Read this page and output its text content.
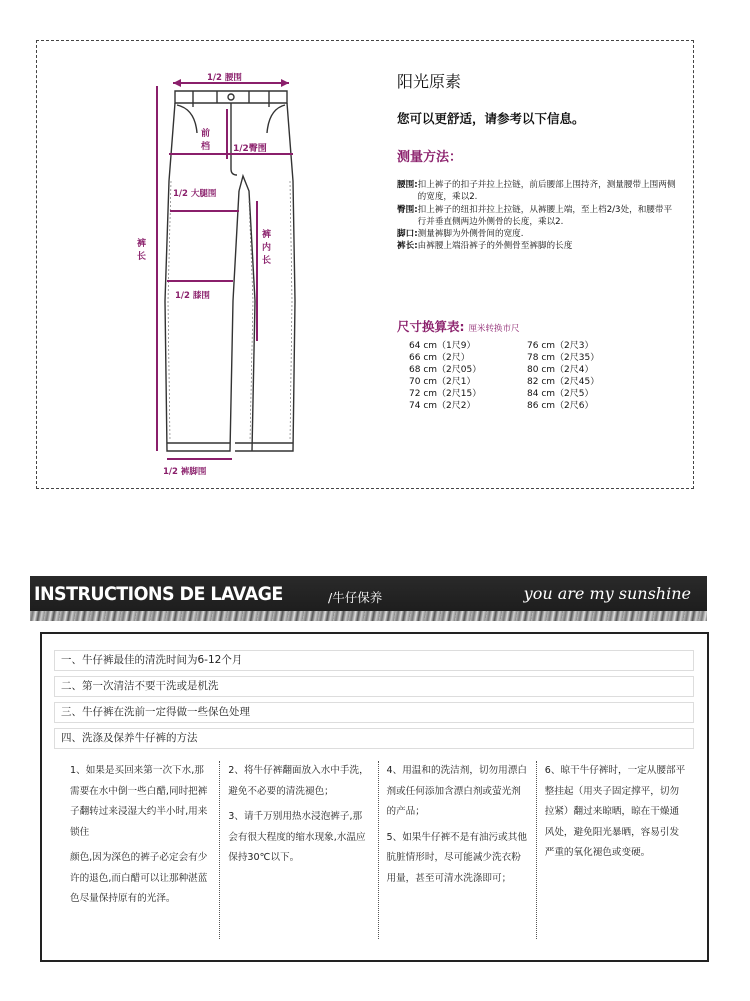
1/2 腰围
前档	1/2臀围
1/2 大腿围
裤内长
裤长
1/2 膝围
1/2 裤脚围
阳光原素
您可以更舒适，请参考以下信息。
测量方法：
腰围: 扣上裤子的扣子并拉上拉链，前后腰部上围持齐，测量腰带上围两侧的宽度，乘以2.
臀围: 扣上裤子的纽扣并拉上拉链，从裤腰上端，至上档2/3处，和腰带平行并垂直侧两边外侧骨的长度，乘以2.
脚口: 测量裤脚为外侧骨间的宽度.
裤长: 由裤腰上端沿裤子的外侧骨至裤脚的长度
尺寸换算表: 厘米转换市尺
64 cm（1尺9）	76 cm（2尺3）
66 cm（2尺）	78 cm（2尺35）
68 cm（2尺05）	80 cm（2尺4）
70 cm（2尺1）	82 cm（2尺45）
72 cm（2尺15）	84 cm（2尺5）
74 cm（2尺2）	86 cm（2尺6）
INSTRUCTIONS DE LAVAGE	/牛仔保养	you are my sunshine
一、牛仔裤最佳的清洗时间为6-12个月
二、第一次清洁不要干洗或是机洗
三、牛仔裤在洗前一定得做一些保色处理
四、洗涤及保养牛仔裤的方法

1、如果是买回来第一次下水,那需要在水中倒一些白醋,同时把裤子翻转过来浸湿大约半小时,用来锁住

颜色,因为深色的裤子必定会有少许的退色,而白醋可以让那种湛蓝色尽量保持原有的光泽。

2、将牛仔裤翻面放入水中手洗，避免不必要的清洗褪色；

3、请千万别用热水浸泡裤子,那会有很大程度的缩水现象,水温应保持30℃以下。

4、用温和的洗洁剂，切勿用漂白剂或任何添加含漂白剂或萤光剂的产品；

5、如果牛仔裤不是有油污或其他肮脏情形时，尽可能减少洗衣粉用量，甚至可清水洗涤即可；

6、晾干牛仔裤时，一定从腰部平整挂起（用夹子固定撑平，切勿拉紧）翻过来晾晒，晾在干燥通风处，避免阳光暴晒，容易引发严重的氧化褪色或变硬。
